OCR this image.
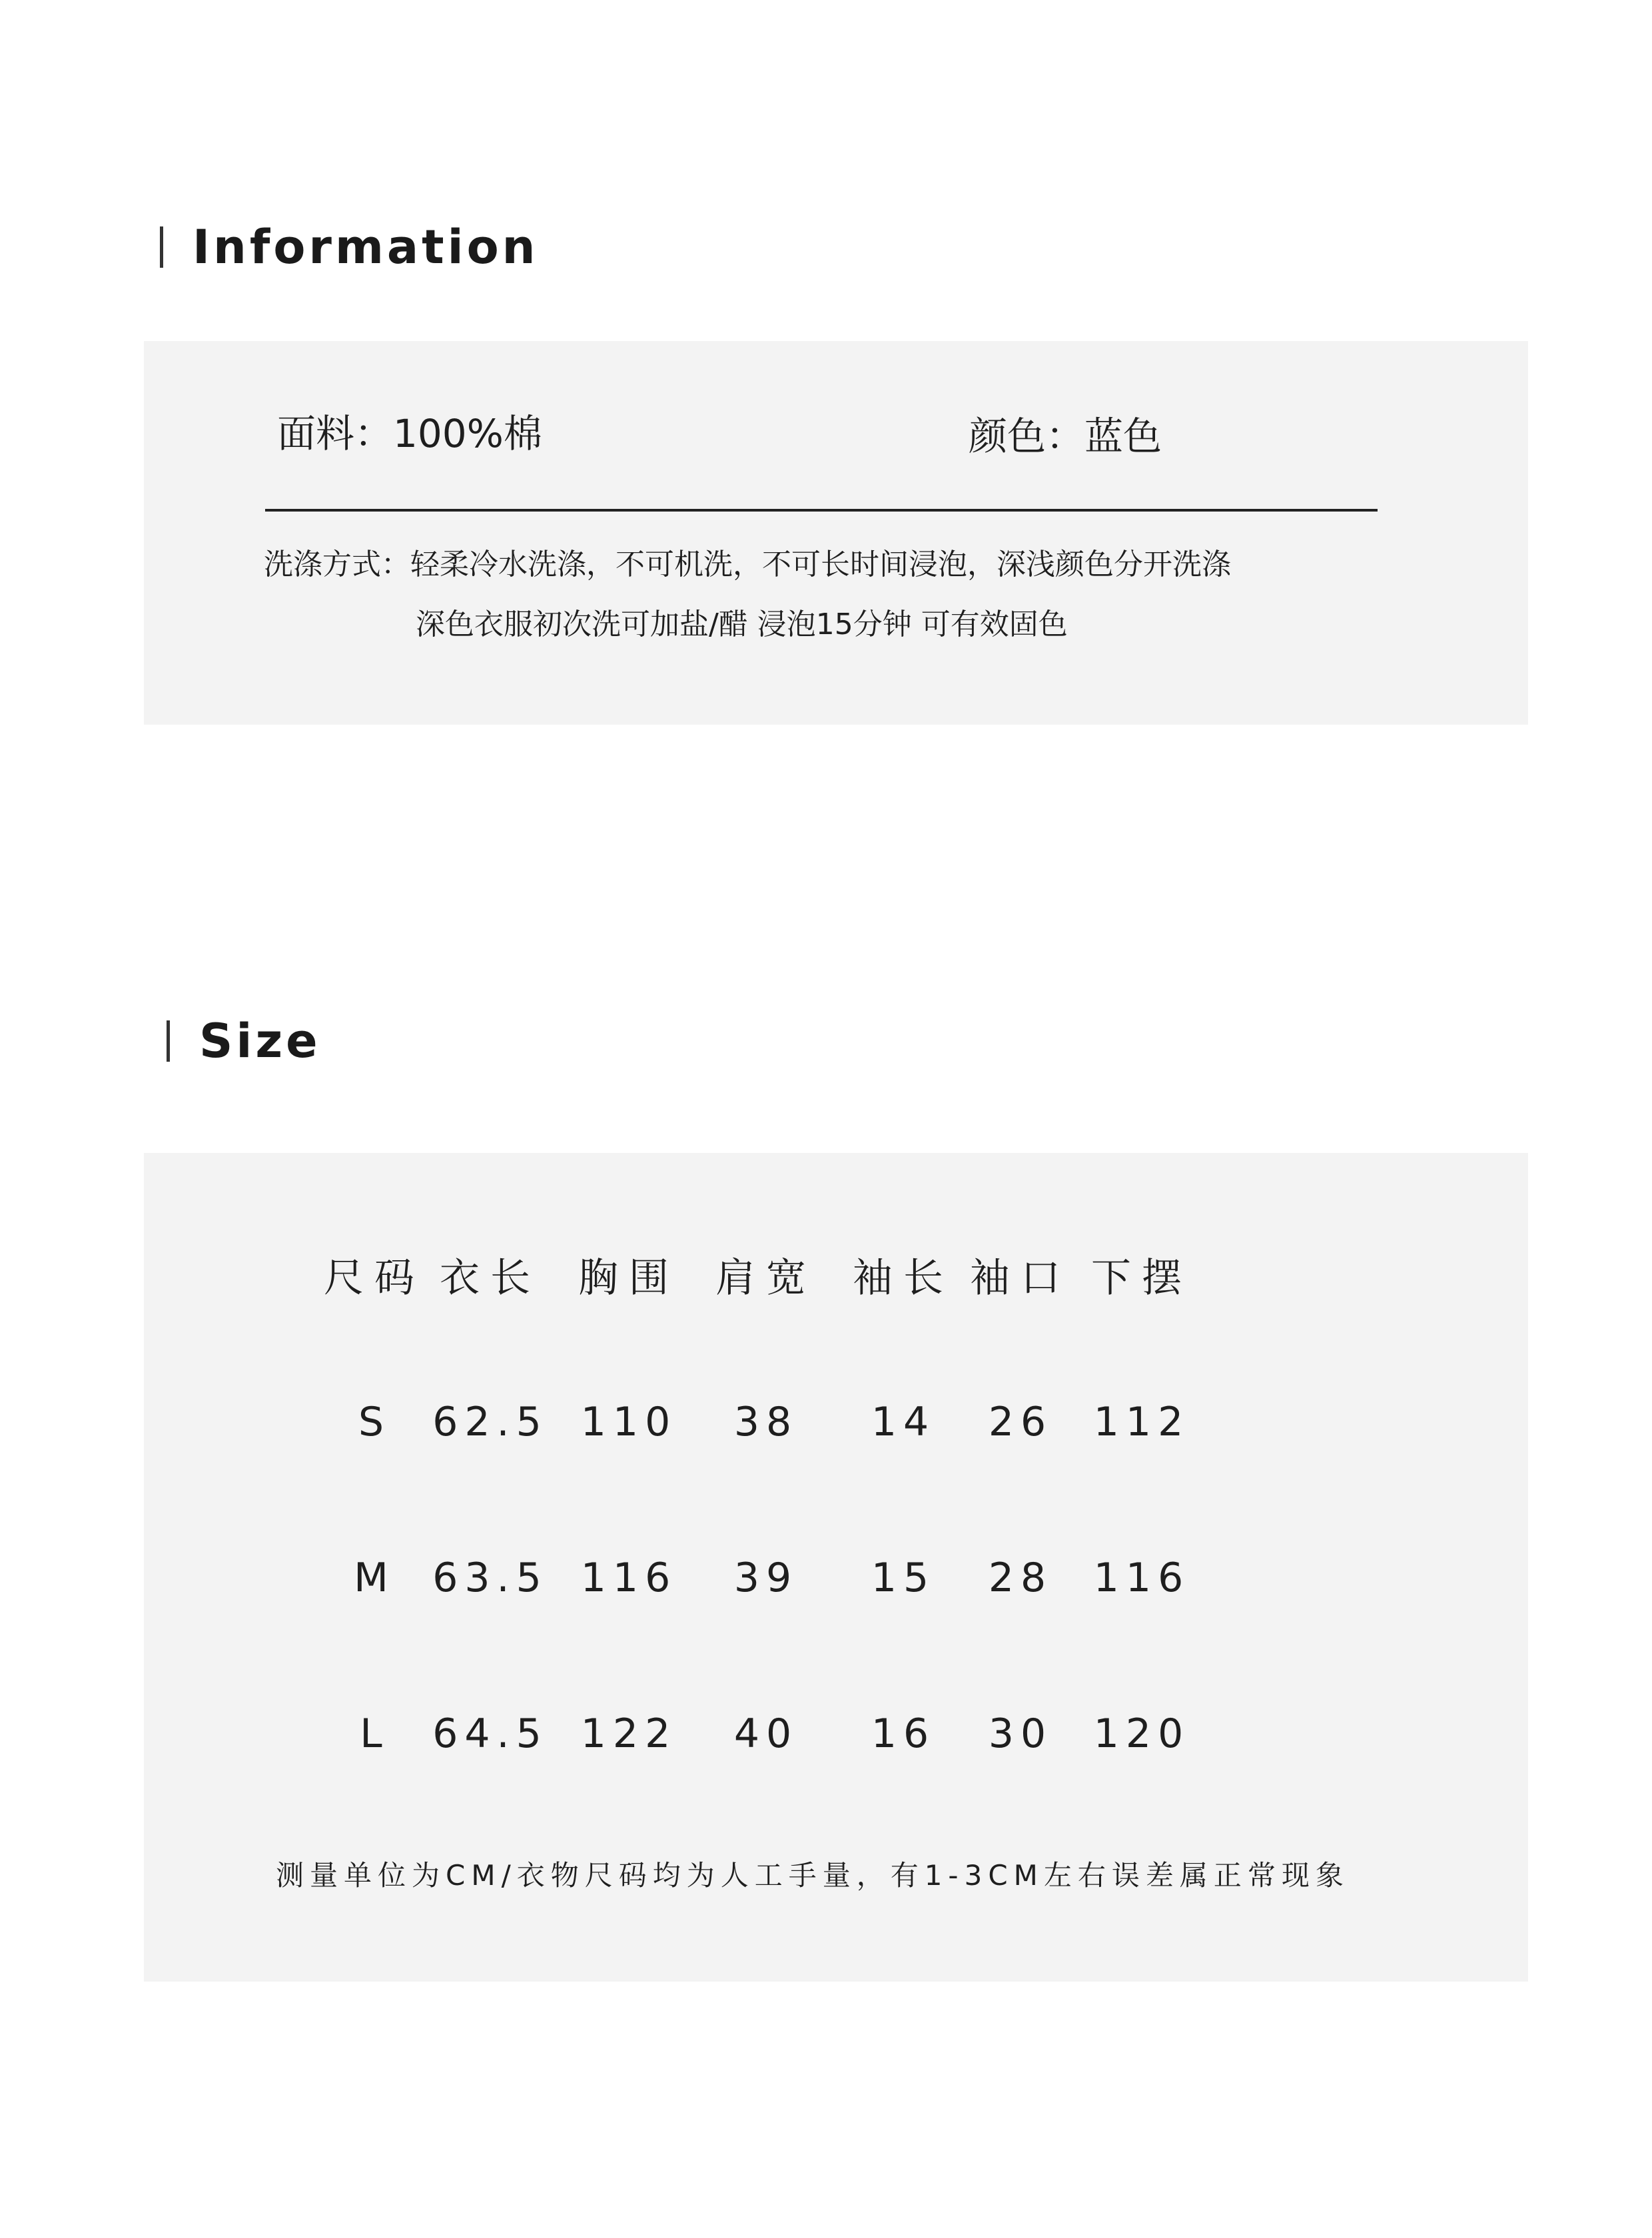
Information
面料：100%棉	颜色：蓝色
洗涤方式：轻柔冷水洗涤，不可机洗，不可长时间浸泡，深浅颜色分开洗涤
深色衣服初次洗可加盐/醋 浸泡15分钟 可有效固色
Size
尺码 衣长 胸围 肩宽 袖长 袖口 下摆
S 62.5 110 38 14 26 112
M 63.5 116 39 15 28 116
L 64.5 122 40 16 30 120
测量单位为CM/衣物尺码均为人工手量，有1-3CM左右误差属正常现象
